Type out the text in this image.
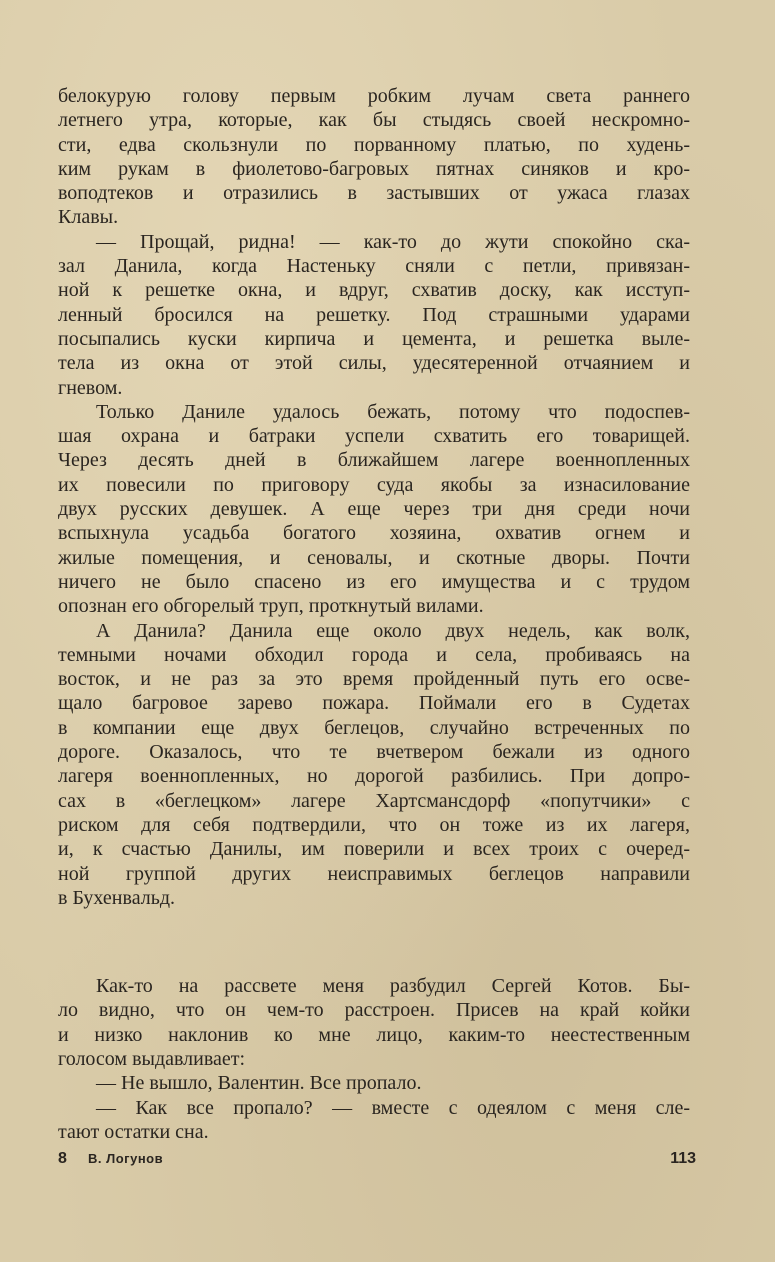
белокурую голову первым робким лучам света раннего
летнего утра, которые, как бы стыдясь своей нескромно-
сти, едва скользнули по порванному платью, по худень-
ким рукам в фиолетово-багровых пятнах синяков и кро-
воподтеков и отразились в застывших от ужаса глазах
Клавы.

— Прощай, ридна! — как-то до жути спокойно ска-
зал Данила, когда Настеньку сняли с петли, привязан-
ной к решетке окна, и вдруг, схватив доску, как исступ-
ленный бросился на решетку. Под страшными ударами
посыпались куски кирпича и цемента, и решетка выле-
тела из окна от этой силы, удесятеренной отчаянием и
гневом.

Только Даниле удалось бежать, потому что подоспев-
шая охрана и батраки успели схватить его товарищей.
Через десять дней в ближайшем лагере военнопленных
их повесили по приговору суда якобы за изнасилование
двух русских девушек. А еще через три дня среди ночи
вспыхнула усадьба богатого хозяина, охватив огнем и
жилые помещения, и сеновалы, и скотные дворы. Почти
ничего не было спасено из его имущества и с трудом
опознан его обгорелый труп, проткнутый вилами.

А Данила? Данила еще около двух недель, как волк,
темными ночами обходил города и села, пробиваясь на
восток, и не раз за это время пройденный путь его осве-
щало багровое зарево пожара. Поймали его в Судетах
в компании еще двух беглецов, случайно встреченных по
дороге. Оказалось, что те вчетвером бежали из одного
лагеря военнопленных, но дорогой разбились. При допро-
сах в «беглецком» лагере Хартсмансдорф «попутчики» с
риском для себя подтвердили, что он тоже из их лагеря,
и, к счастью Данилы, им поверили и всех троих с очеред-
ной группой других неисправимых беглецов направили
в Бухенвальд.

Как-то на рассвете меня разбудил Сергей Котов. Бы-
ло видно, что он чем-то расстроен. Присев на край койки
и низко наклонив ко мне лицо, каким-то неестественным
голосом выдавливает:

— Не вышло, Валентин. Все пропало.

— Как все пропало? — вместе с одеялом с меня сле-
тают остатки сна.

8 В. Логунов	113
